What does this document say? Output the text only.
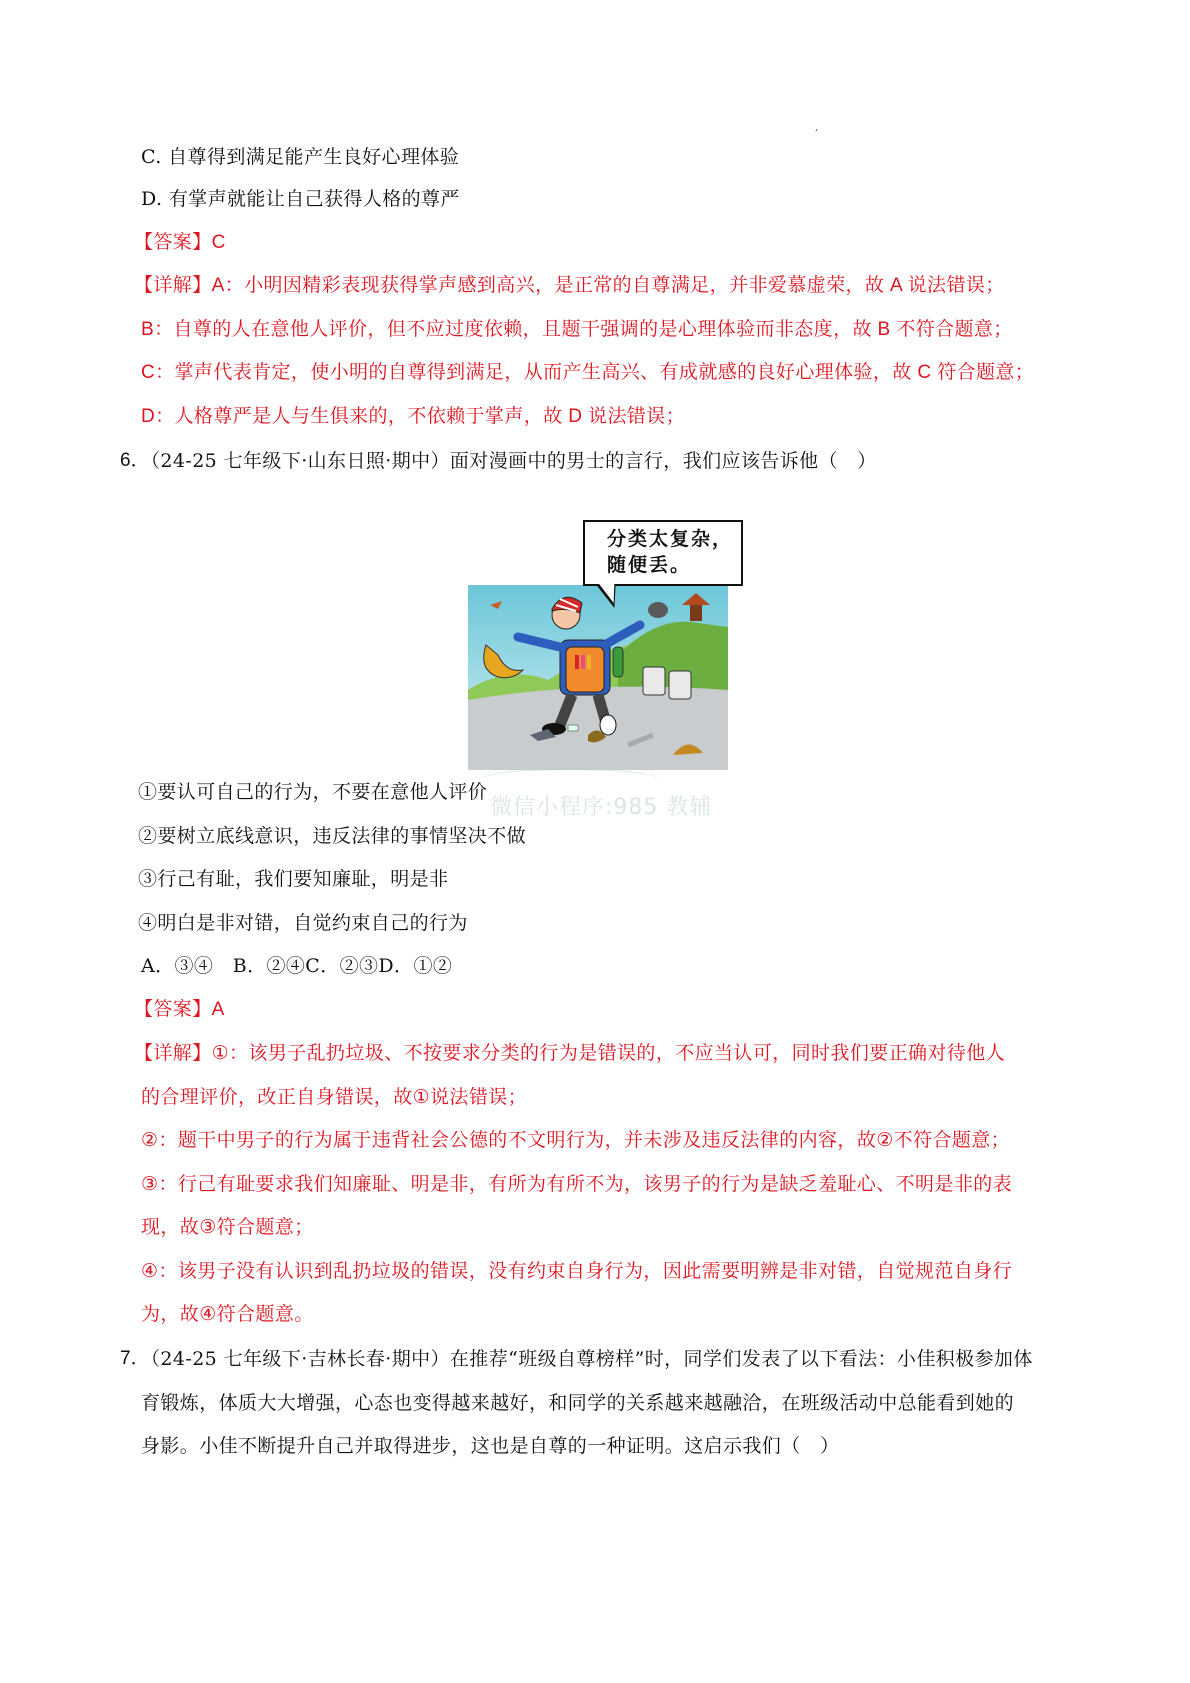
,
C. 自尊得到满足能产生良好心理体验
D. 有掌声就能让自己获得人格的尊严
【答案】C
【详解】A：小明因精彩表现获得掌声感到高兴，是正常的自尊满足，并非爱慕虚荣，故 A 说法错误；
B：自尊的人在意他人评价，但不应过度依赖，且题干强调的是心理体验而非态度，故 B 不符合题意；
C：掌声代表肯定，使小明的自尊得到满足，从而产生高兴、有成就感的良好心理体验，故 C 符合题意；
D：人格尊严是人与生俱来的，不依赖于掌声，故 D 说法错误；
6．
（24-25 七年级下·山东日照·期中）面对漫画中的男士的言行，我们应该告诉他（　）
分类太复杂，
随便丢。
微信小程序:985 教辅
①要认可自己的行为，不要在意他人评价
②要树立底线意识，违反法律的事情坚决不做
③行己有耻，我们要知廉耻，明是非
④明白是非对错，自觉约束自己的行为
A．③④　B．②④C．②③D．①②
【答案】A
【详解】①：该男子乱扔垃圾、不按要求分类的行为是错误的，不应当认可，同时我们要正确对待他人
的合理评价，改正自身错误，故①说法错误；
②：题干中男子的行为属于违背社会公德的不文明行为，并未涉及违反法律的内容，故②不符合题意；
③：行己有耻要求我们知廉耻、明是非，有所为有所不为，该男子的行为是缺乏羞耻心、不明是非的表
现，故③符合题意；
④：该男子没有认识到乱扔垃圾的错误，没有约束自身行为，因此需要明辨是非对错，自觉规范自身行
为，故④符合题意。
7．
（24-25 七年级下·吉林长春·期中）在推荐“班级自尊榜样”时，同学们发表了以下看法：小佳积极参加体
育锻炼，体质大大增强，心态也变得越来越好，和同学的关系越来越融洽，在班级活动中总能看到她的
身影。小佳不断提升自己并取得进步，这也是自尊的一种证明。这启示我们（　）
